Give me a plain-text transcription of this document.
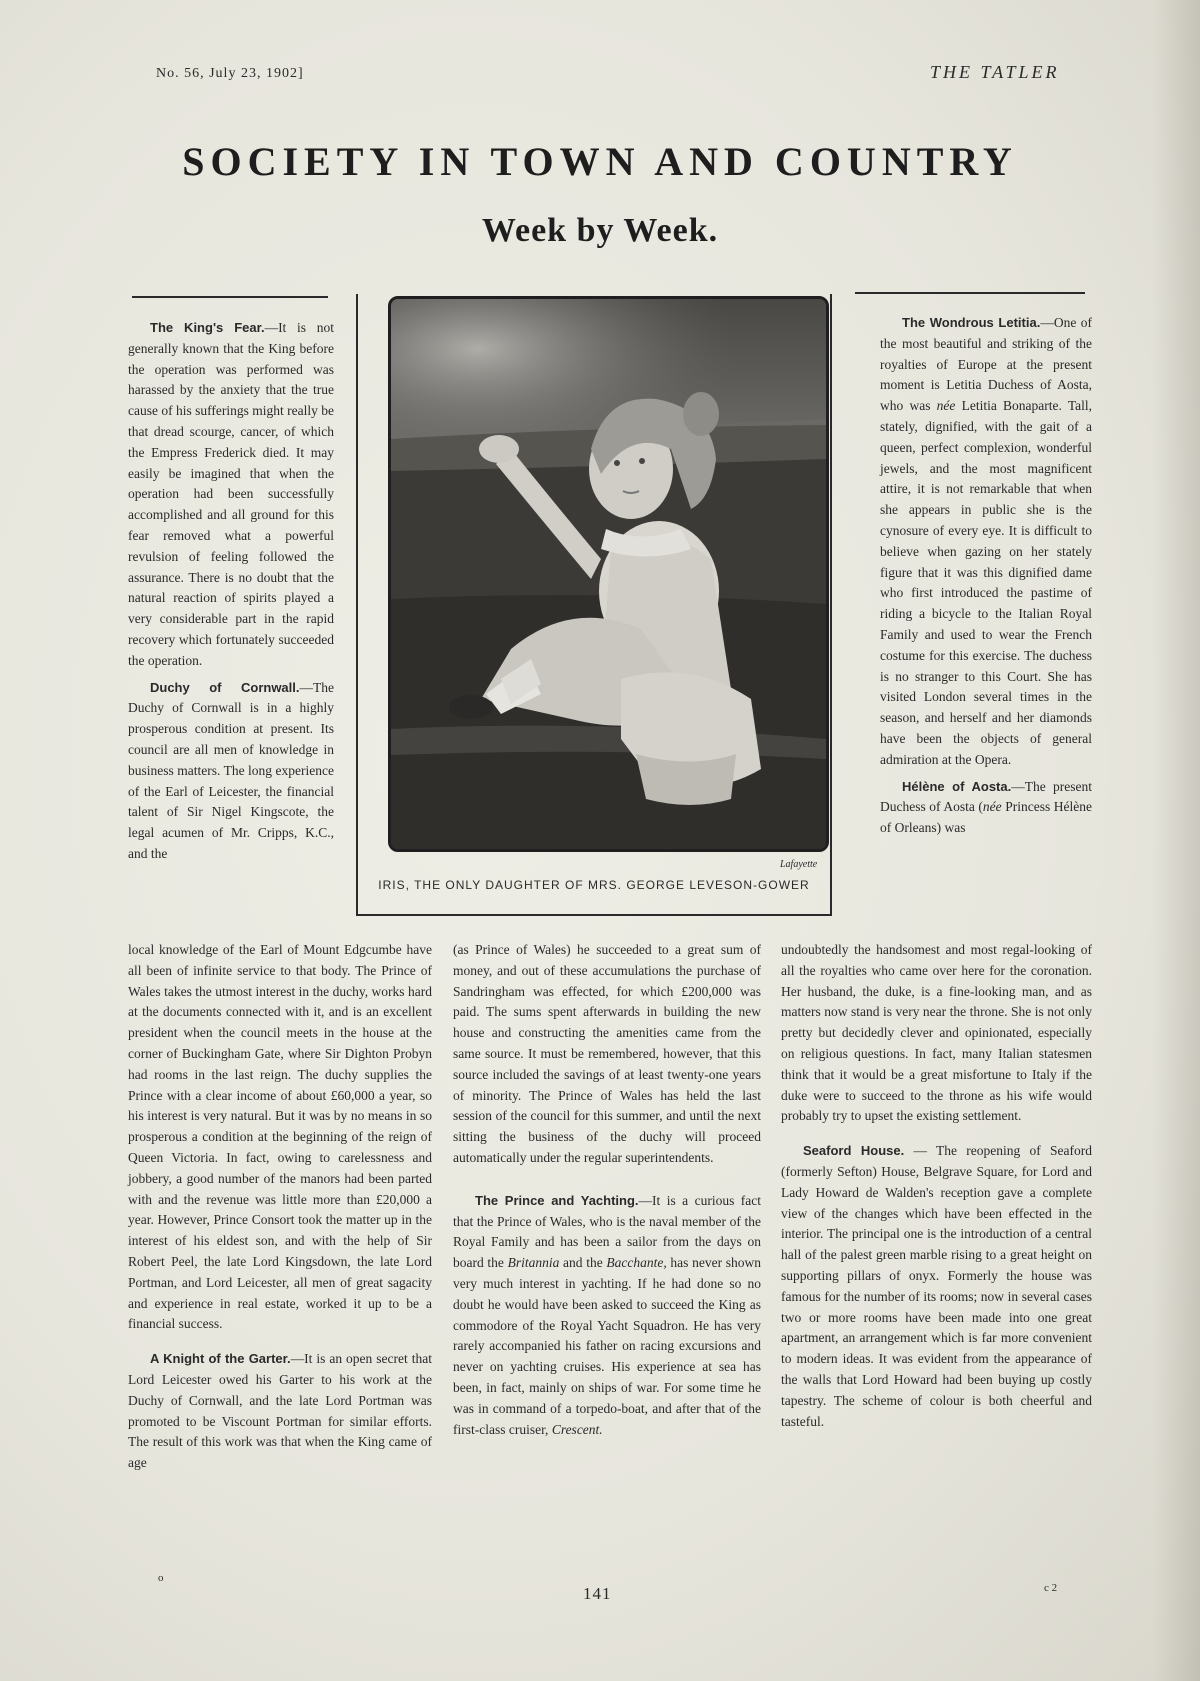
No. 56, July 23, 1902]	THE TATLER
SOCIETY IN TOWN AND COUNTRY
Week by Week.

The King's Fear.—It is not generally known that the King before the operation was performed was harassed by the anxiety that the true cause of his sufferings might really be that dread scourge, cancer, of which the Empress Frederick died. It may easily be imagined that when the operation had been successfully accomplished and all ground for this fear removed what a powerful revulsion of feeling followed the assurance. There is no doubt that the natural reaction of spirits played a very considerable part in the rapid recovery which fortunately succeeded the operation.

Duchy of Cornwall.—The Duchy of Cornwall is in a highly prosperous condition at present. Its council are all men of knowledge in business matters. The long experience of the Earl of Leicester, the financial talent of Sir Nigel Kingscote, the legal acumen of Mr. Cripps, K.C., and the

Lafayette
IRIS, THE ONLY DAUGHTER OF MRS. GEORGE LEVESON-GOWER

The Wondrous Letitia.—One of the most beautiful and striking of the royalties of Europe at the present moment is Letitia Duchess of Aosta, who was née Letitia Bonaparte. Tall, stately, dignified, with the gait of a queen, perfect complexion, wonderful jewels, and the most magnificent attire, it is not remarkable that when she appears in public she is the cynosure of every eye. It is difficult to believe when gazing on her stately figure that it was this dignified dame who first introduced the pastime of riding a bicycle to the Italian Royal Family and used to wear the French costume for this exercise. The duchess is no stranger to this Court. She has visited London several times in the season, and herself and her diamonds have been the objects of general admiration at the Opera.

Hélène of Aosta.—The present Duchess of Aosta (née Princess Hélène of Orleans) was

local knowledge of the Earl of Mount Edgcumbe have all been of infinite service to that body. The Prince of Wales takes the utmost interest in the duchy, works hard at the documents connected with it, and is an excellent president when the council meets in the house at the corner of Buckingham Gate, where Sir Dighton Probyn had rooms in the last reign. The duchy supplies the Prince with a clear income of about £60,000 a year, so his interest is very natural. But it was by no means in so prosperous a condition at the beginning of the reign of Queen Victoria. In fact, owing to carelessness and jobbery, a good number of the manors had been parted with and the revenue was little more than £20,000 a year. However, Prince Consort took the matter up in the interest of his eldest son, and with the help of Sir Robert Peel, the late Lord Kingsdown, the late Lord Portman, and Lord Leicester, all men of great sagacity and experience in real estate, worked it up to be a financial success.

A Knight of the Garter.—It is an open secret that Lord Leicester owed his Garter to his work at the Duchy of Cornwall, and the late Lord Portman was promoted to be Viscount Portman for similar efforts. The result of this work was that when the King came of age

(as Prince of Wales) he succeeded to a great sum of money, and out of these accumulations the purchase of Sandringham was effected, for which £200,000 was paid. The sums spent afterwards in building the new house and constructing the amenities came from the same source. It must be remembered, however, that this source included the savings of at least twenty-one years of minority. The Prince of Wales has held the last session of the council for this summer, and until the next sitting the business of the duchy will proceed automatically under the regular superintendents.

The Prince and Yachting.—It is a curious fact that the Prince of Wales, who is the naval member of the Royal Family and has been a sailor from the days on board the Britannia and the Bacchante, has never shown very much interest in yachting. If he had done so no doubt he would have been asked to succeed the King as commodore of the Royal Yacht Squadron. He has very rarely accompanied his father on racing excursions and never on yachting cruises. His experience at sea has been, in fact, mainly on ships of war. For some time he was in command of a torpedo-boat, and after that of the first-class cruiser, Crescent.

undoubtedly the handsomest and most regal-looking of all the royalties who came over here for the coronation. Her husband, the duke, is a fine-looking man, and as matters now stand is very near the throne. She is not only pretty but decidedly clever and opinionated, especially on religious questions. In fact, many Italian statesmen think that it would be a great misfortune to Italy if the duke were to succeed to the throne as his wife would probably try to upset the existing settlement.

Seaford House. — The reopening of Seaford (formerly Sefton) House, Belgrave Square, for Lord and Lady Howard de Walden's reception gave a complete view of the changes which have been effected in the interior. The principal one is the introduction of a central hall of the palest green marble rising to a great height on supporting pillars of onyx. Formerly the house was famous for the number of its rooms; now in several cases two or more rooms have been made into one great apartment, an arrangement which is far more convenient to modern ideas. It was evident from the appearance of the walls that Lord Howard had been buying up costly tapestry. The scheme of colour is both cheerful and tasteful.

o
141	c 2
